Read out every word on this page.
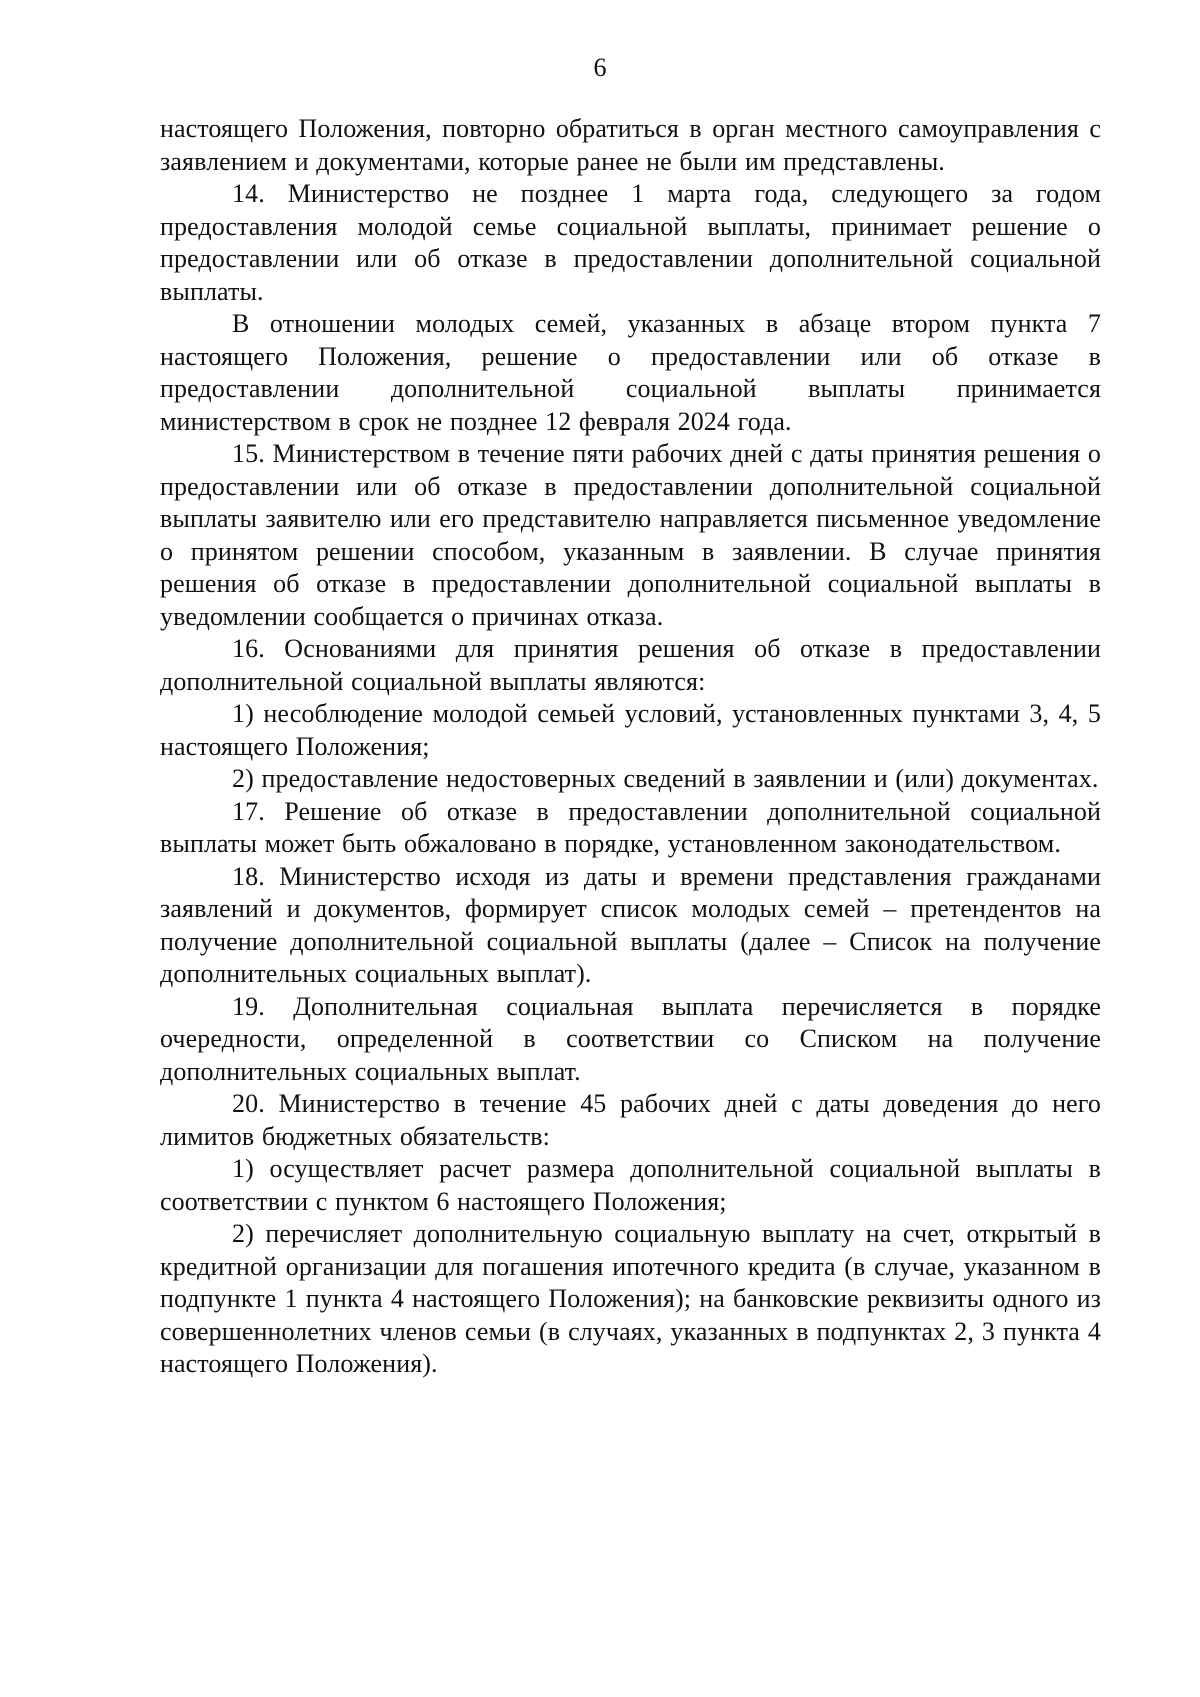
6

настоящего Положения, повторно обратиться в орган местного самоуправления с заявлением и документами, которые ранее не были им представлены.

14. Министерство не позднее 1 марта года, следующего за годом предоставления молодой семье социальной выплаты, принимает решение о предоставлении или об отказе в предоставлении дополнительной социальной выплаты.

В отношении молодых семей, указанных в абзаце втором пункта 7 настоящего Положения, решение о предоставлении или об отказе в предоставлении дополнительной социальной выплаты принимается министерством в срок не позднее 12 февраля 2024 года.

15. Министерством в течение пяти рабочих дней с даты принятия решения о предоставлении или об отказе в предоставлении дополнительной социальной выплаты заявителю или его представителю направляется письменное уведомление о принятом решении способом, указанным в заявлении. В случае принятия решения об отказе в предоставлении дополнительной социальной выплаты в уведомлении сообщается о причинах отказа.

16. Основаниями для принятия решения об отказе в предоставлении дополнительной социальной выплаты являются:

1) несоблюдение молодой семьей условий, установленных пунктами 3, 4, 5 настоящего Положения;

2) предоставление недостоверных сведений в заявлении и (или) документах.

17. Решение об отказе в предоставлении дополнительной социальной выплаты может быть обжаловано в порядке, установленном законодательством.

18. Министерство исходя из даты и времени представления гражданами заявлений и документов, формирует список молодых семей – претендентов на получение дополнительной социальной выплаты (далее – Список на получение дополнительных социальных выплат).

19. Дополнительная социальная выплата перечисляется в порядке очередности, определенной в соответствии со Списком на получение дополнительных социальных выплат.

20. Министерство в течение 45 рабочих дней с даты доведения до него лимитов бюджетных обязательств:

1) осуществляет расчет размера дополнительной социальной выплаты в соответствии с пунктом 6 настоящего Положения;

2) перечисляет дополнительную социальную выплату на счет, открытый в кредитной организации для погашения ипотечного кредита (в случае, указанном в подпункте 1 пункта 4 настоящего Положения); на банковские реквизиты одного из совершеннолетних членов семьи (в случаях, указанных в подпунктах 2, 3 пункта 4 настоящего Положения).
